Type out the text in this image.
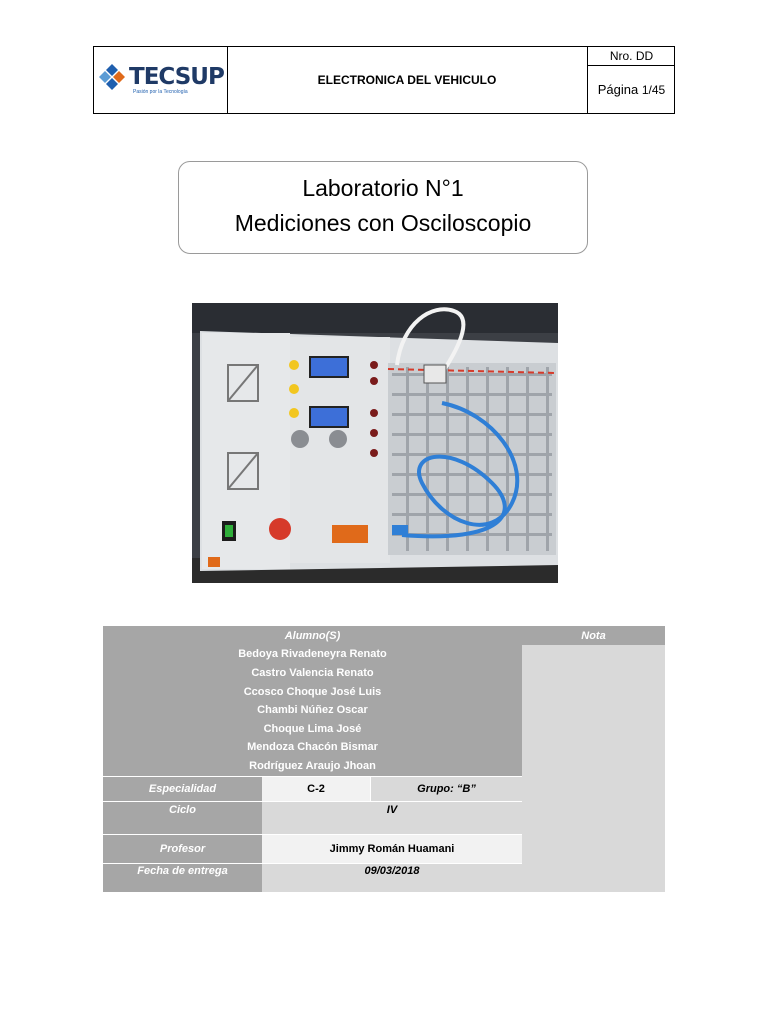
TECSUP
Pasión por la Tecnología
ELECTRONICA DEL VEHICULO
Nro. DD
Página
1/45
Laboratorio N°1
Mediciones con Osciloscopio
Alumno(S)	Nota
Bedoya Rivadeneyra Renato
Castro Valencia Renato
Ccosco Choque José Luis
Chambi Núñez Oscar
Choque Lima José
Mendoza Chacón Bismar
Rodríguez Araujo Jhoan
Especialidad	C-2	Grupo: “B”
Ciclo	IV
Profesor	Jimmy Román Huamani
Fecha de entrega	09/03/2018
